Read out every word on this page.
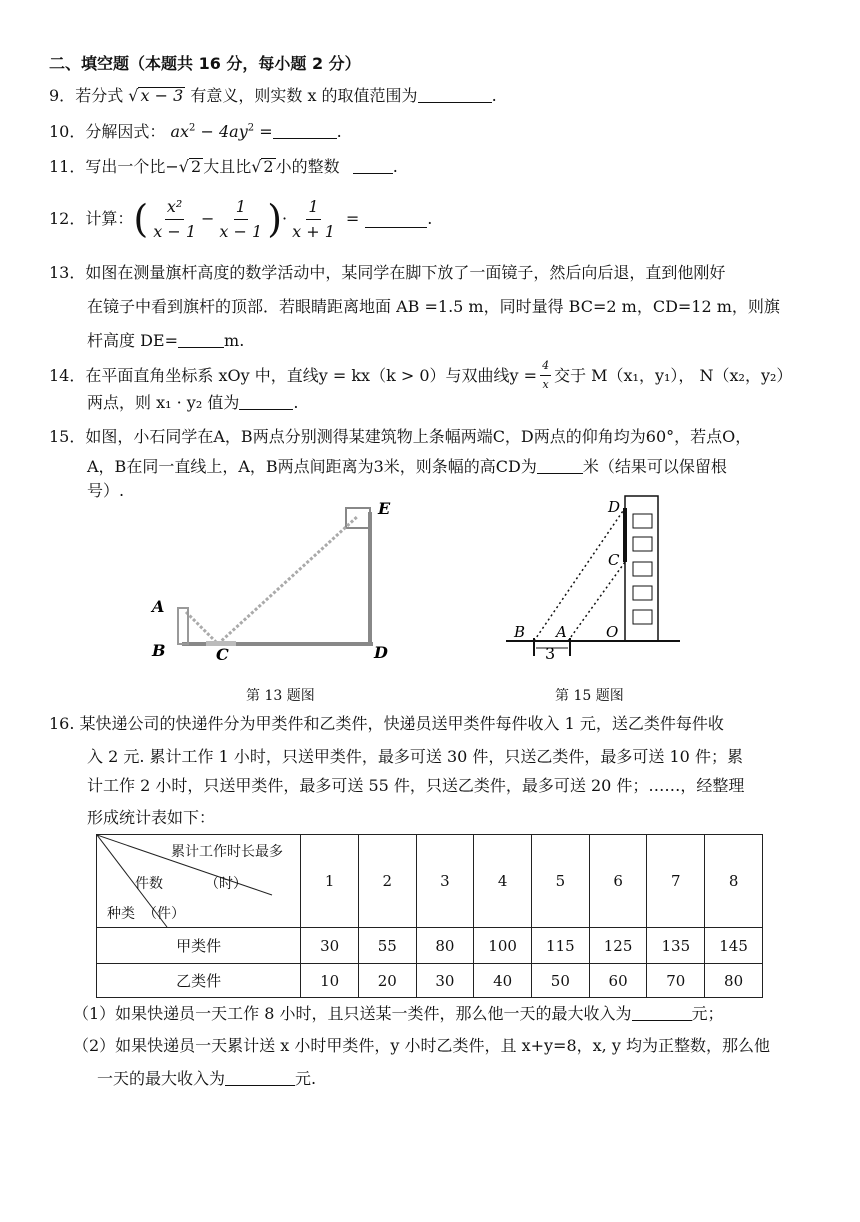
二、填空题（本题共 16 分，每小题 2 分）
9．若分式 √ x − 3 有意义，则实数 x 的取值范围为	.
10．分解因式： $ax^2 - 4ay^2$ =	.
11．写出一个比−√ 2 大且比√ 2 小的整数	.
12． 计算： ( $\frac{\text{x²}}{x - 1} - \frac{1}{x - 1}$ ) · $\frac{1}{x + 1}$ =	.
13．如图在测量旗杆高度的数学活动中，某同学在脚下放了一面镜子，然后向后退，直到他刚好
在镜子中看到旗杆的顶部．若眼睛距离地面 AB =1.5 m，同时量得 BC=2 m，CD=12 m，则旗
杆高度 DE=	m.
14． 在平面直角坐标系 xOy 中，直线y = kx（k > 0）与双曲线$y = \frac{4}{x}$ 交于 M（x₁，y₁）， N（x₂，y₂）
两点，则 x₁ · y₂ 值为	.
15．如图，小石同学在A，B两点分别测得某建筑物上条幅两端C，D两点的仰角均为60°，若点O，
A，B在同一直线上，A，B两点间距离为3米，则条幅的高CD为	米（结果可以保留根
号）.
A
B	C	D
E
第 13 题图
3
D
C
B A	O
第 15 题图
16. 某快递公司的快递件分为甲类件和乙类件，快递员送甲类件每件收入 1 元，送乙类件每件收
入 2 元. 累计工作 1 小时，只送甲类件，最多可送 30 件，只送乙类件，最多可送 10 件；累
计工作 2 小时，只送甲类件，最多可送 55 件，只送乙类件，最多可送 20 件；……，经整理
形成统计表如下：
累计工作时长最多
件数 （时）
种类 （件）	1	2	3	4	5	6	7	8
甲类件	30	55	80	100	115	125	135	145
乙类件	10	20	30	40	50	60	70	80
（1）如果快递员一天工作 8 小时，且只送某一类件，那么他一天的最大收入为	元；
（2）如果快递员一天累计送 x 小时甲类件，y 小时乙类件，且 x+y=8，x, y 均为正整数，那么他
一天的最大收入为	元.
